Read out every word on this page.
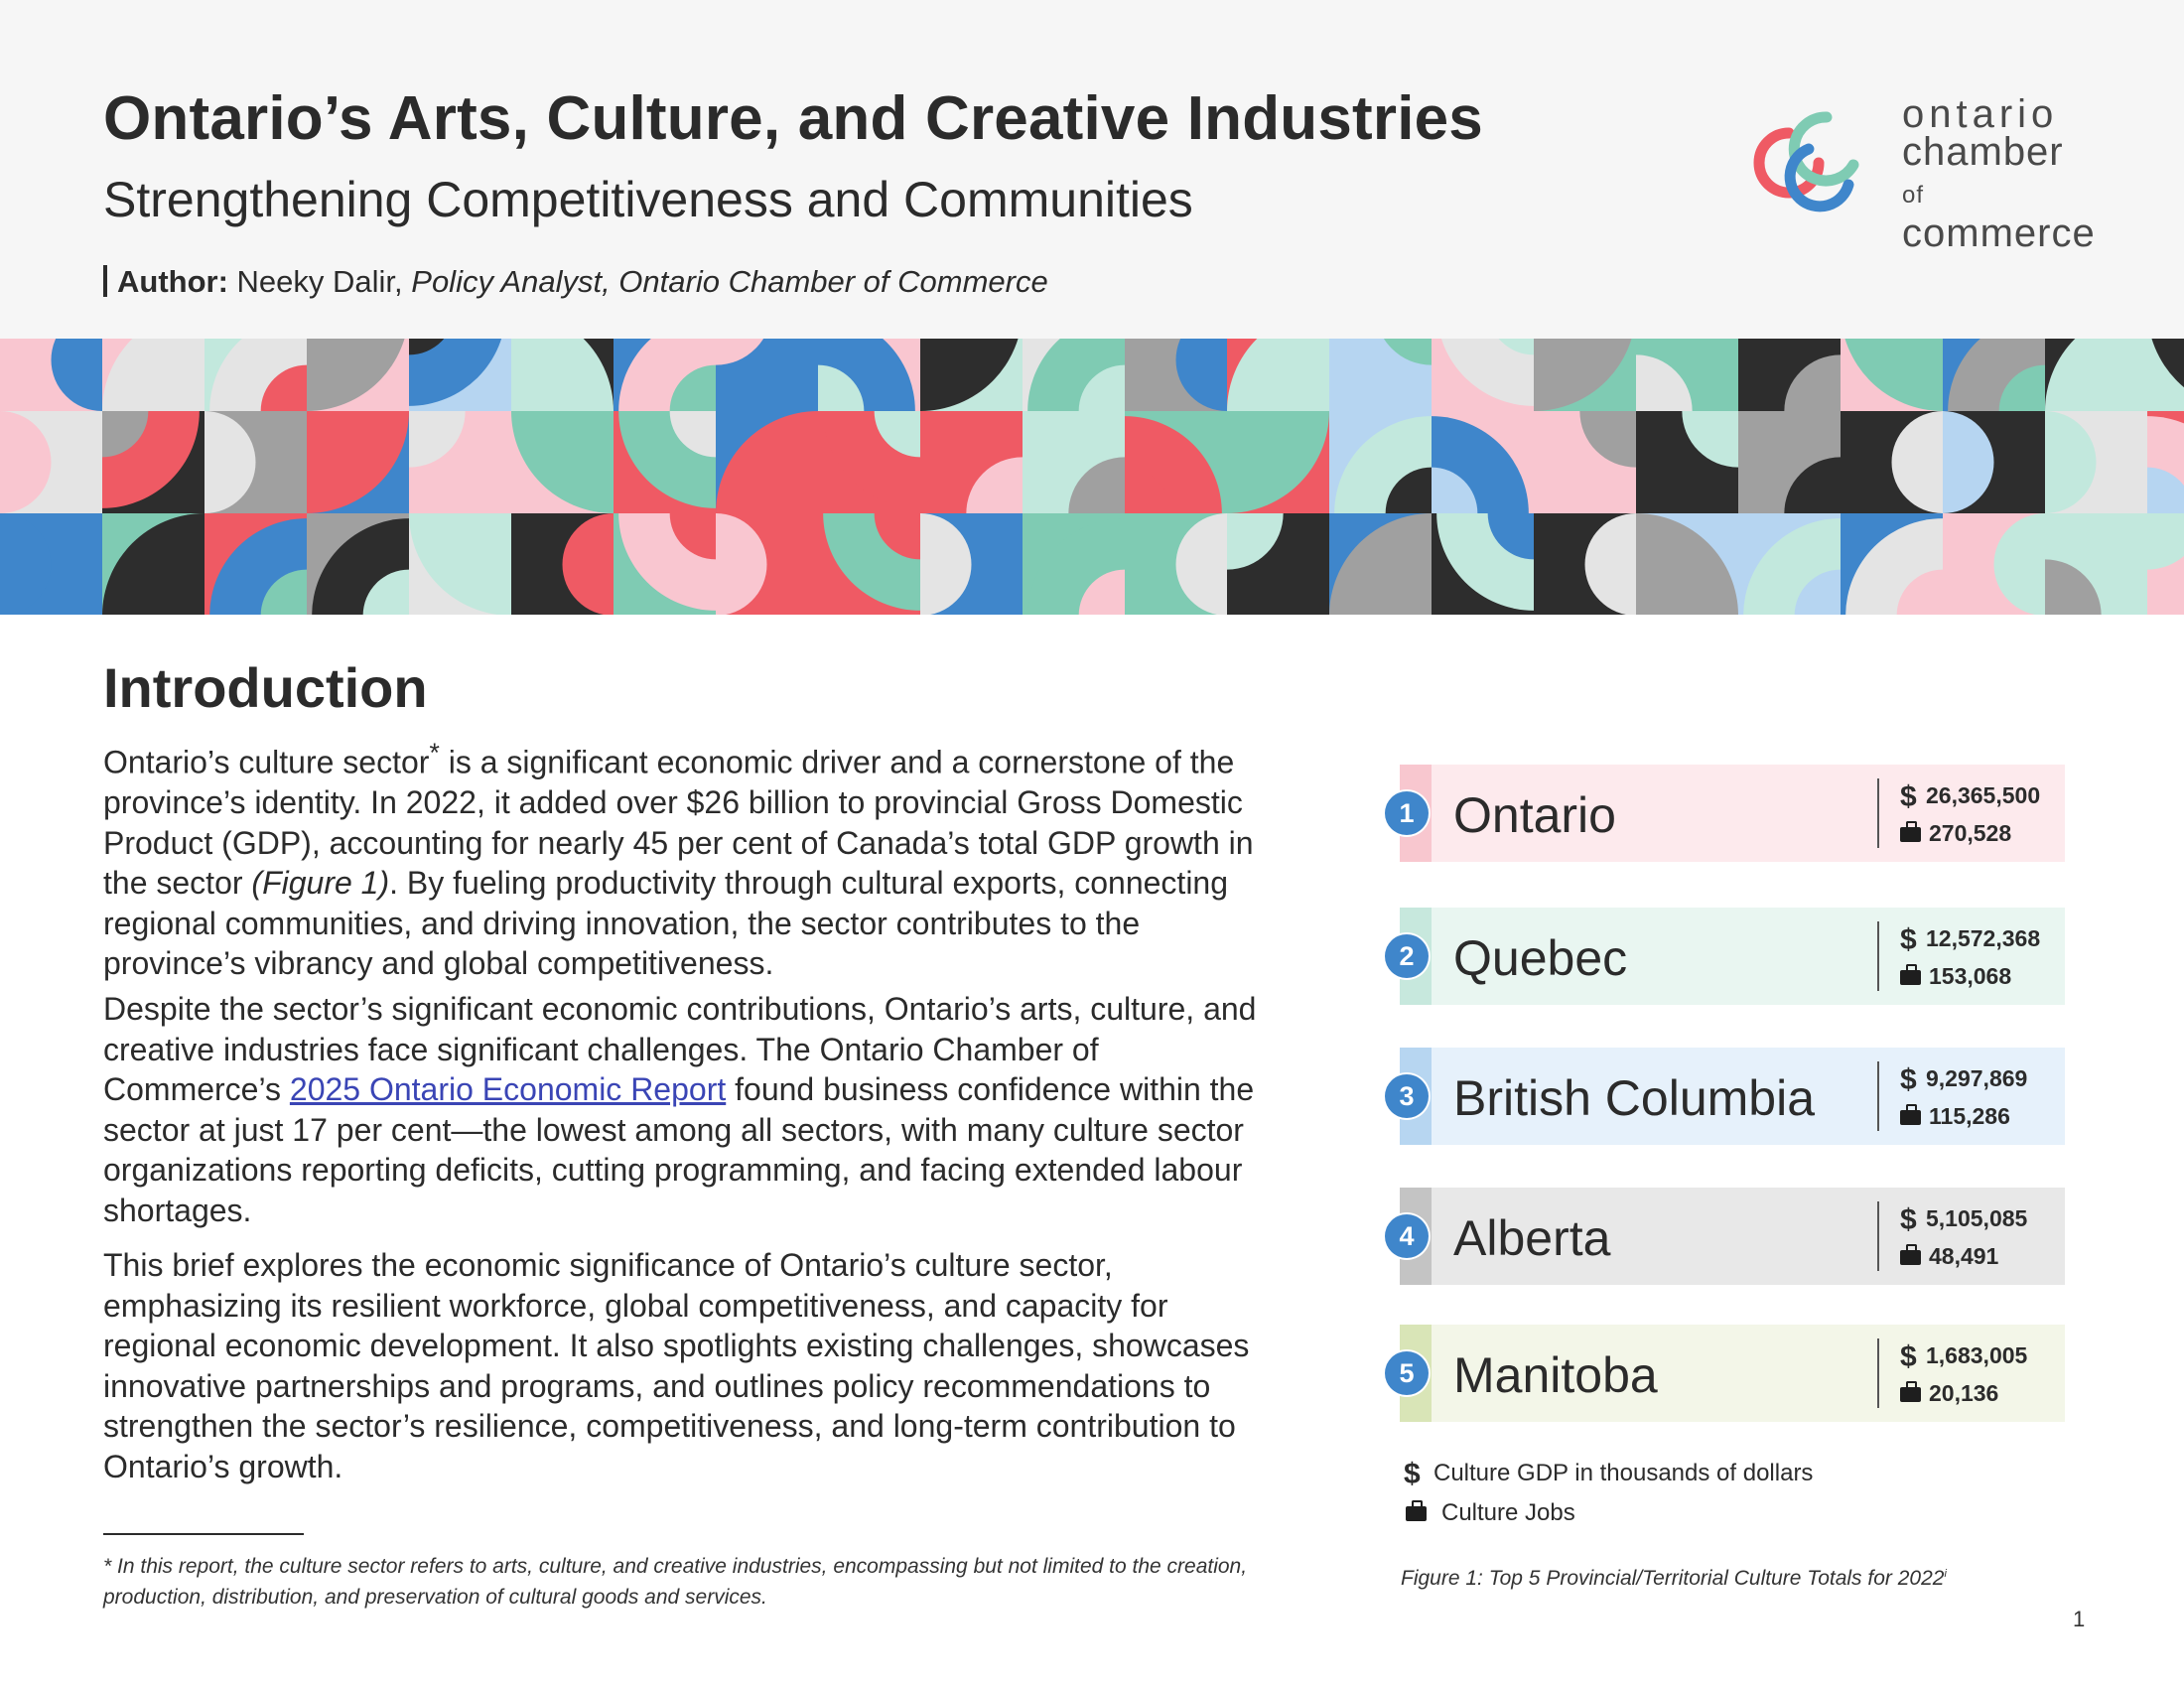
Ontario’s Arts, Culture, and Creative Industries
Strengthening Competitiveness and Communities
Author: Neeky Dalir, Policy Analyst, Ontario Chamber of Commerce
ontario
chamber of
commerce
Introduction
Ontario’s culture sector* is a significant economic driver and a cornerstone of the province’s identity. In 2022, it added over $26 billion to provincial Gross Domestic Product (GDP), accounting for nearly 45 per cent of Canada’s total GDP growth in the sector (Figure 1). By fueling productivity through cultural exports, connecting regional communities, and driving innovation, the sector contributes to the province’s vibrancy and global competitiveness.
Despite the sector’s significant economic contributions, Ontario’s arts, culture, and creative industries face significant challenges. The Ontario Chamber of Commerce’s 2025 Ontario Economic Report found business confidence within the sector at just 17 per cent—the lowest among all sectors, with many culture sector organizations reporting deficits, cutting programming, and facing extended labour shortages.
This brief explores the economic significance of Ontario’s culture sector, emphasizing its resilient workforce, global competitiveness, and capacity for regional economic development. It also spotlights existing challenges, showcases innovative partnerships and programs, and outlines policy recommendations to strengthen the sector’s resilience, competitiveness, and long-term contribution to Ontario’s growth.
* In this report, the culture sector refers to arts, culture, and creative industries, encompassing but not limited to the creation, production, distribution, and preservation of cultural goods and services.
1 Ontario	$ 26,365,500
270,528
2 Quebec	$ 12,572,368
153,068
3 British Columbia	$ 9,297,869
115,286
4 Alberta	$ 5,105,085
48,491
5 Manitoba	$ 1,683,005
20,136
$ Culture GDP in thousands of dollars
Culture Jobs
Figure 1: Top 5 Provincial/Territorial Culture Totals for 2022$^i$
1
